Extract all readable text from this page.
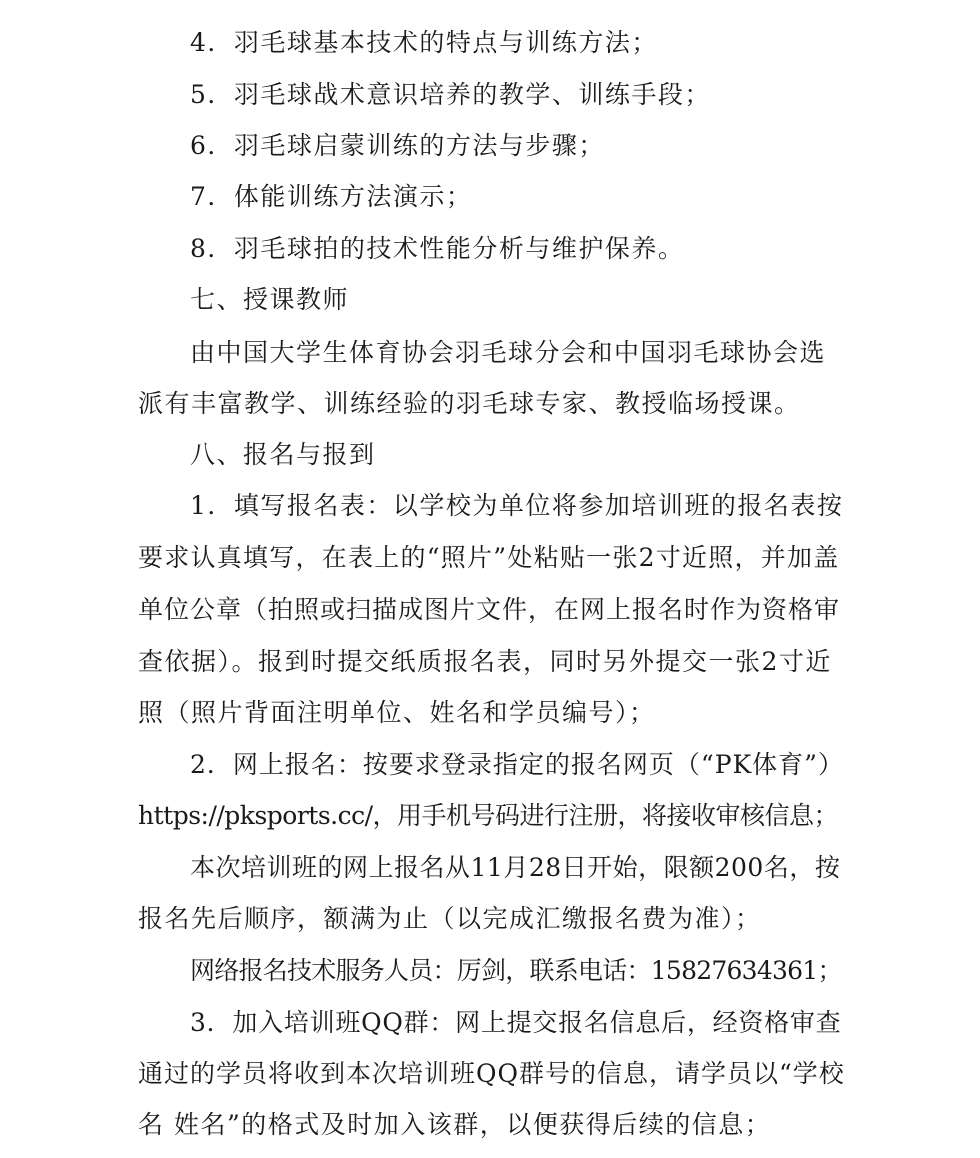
4．羽毛球基本技术的特点与训练方法；
5．羽毛球战术意识培养的教学、训练手段；
6．羽毛球启蒙训练的方法与步骤；
7．体能训练方法演示；
8．羽毛球拍的技术性能分析与维护保养。
七、授课教师
由中国大学生体育协会羽毛球分会和中国羽毛球协会选
派有丰富教学、训练经验的羽毛球专家、教授临场授课。
八、报名与报到
1．填写报名表：以学校为单位将参加培训班的报名表按
要求认真填写，在表上的“照片”处粘贴一张2寸近照，并加盖
单位公章（拍照或扫描成图片文件，在网上报名时作为资格审
查依据）。报到时提交纸质报名表，同时另外提交一张2寸近
照（照片背面注明单位、姓名和学员编号）；
2．网上报名：按要求登录指定的报名网页（“PK体育”）
https://pksports.cc/，用手机号码进行注册，将接收审核信息；
本次培训班的网上报名从11月28日开始，限额200名，按
报名先后顺序，额满为止（以完成汇缴报名费为准）；
网络报名技术服务人员：厉剑，联系电话：15827634361；
3．加入培训班QQ群：网上提交报名信息后，经资格审查
通过的学员将收到本次培训班QQ群号的信息，请学员以“学校
名 姓名”的格式及时加入该群，以便获得后续的信息；
